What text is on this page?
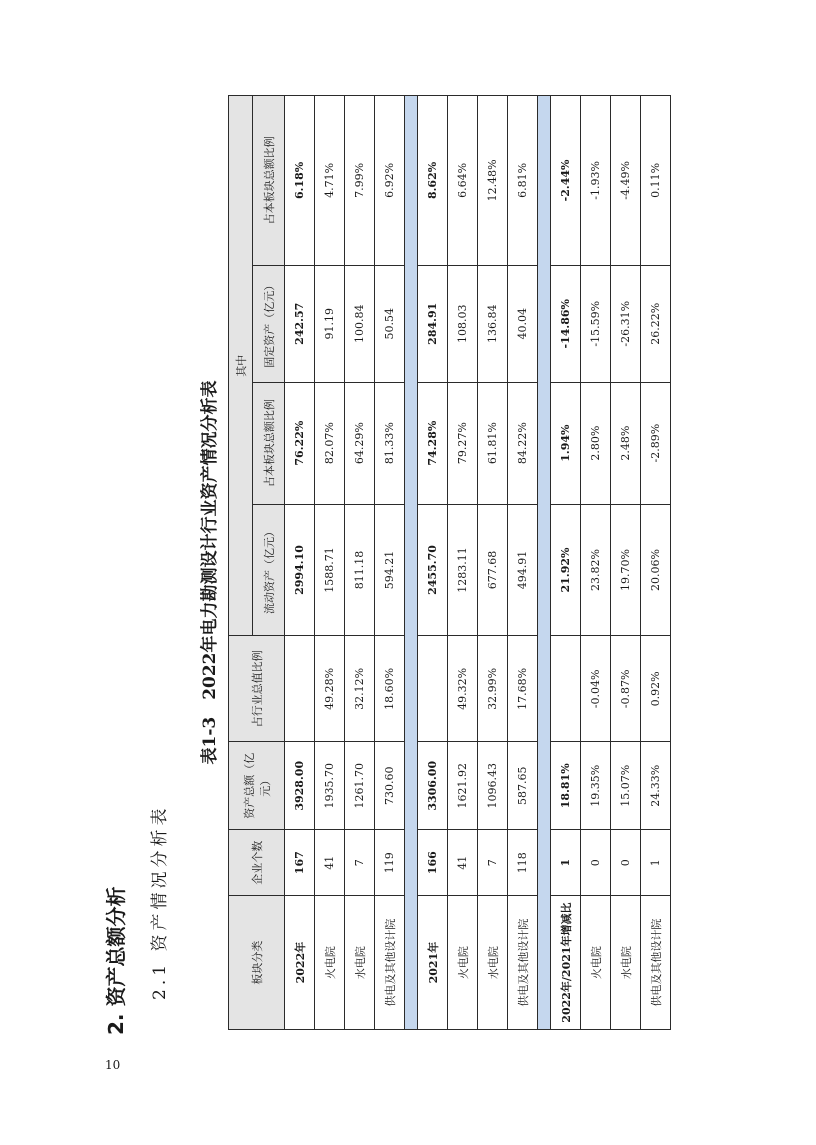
2. 资产总额分析 2.1 资产情况分析表
表1-3　2022年电力勘测设计行业资产情况分析表
板块分类	企业个数	资产总额（亿元）	占行业总值比例	其中			
				流动资产（亿元）	占本板块总额比例	固定资产（亿元）	占本板块总额比例
2022年	167	3928.00		2994.10	76.22%	242.57	6.18%
火电院	41	1935.70	49.28%	1588.71	82.07%	91.19	4.71%
水电院	7	1261.70	32.12%	811.18	64.29%	100.84	7.99%
供电及其他设计院	119	730.60	18.60%	594.21	81.33%	50.54	6.92%

2021年	166	3306.00		2455.70	74.28%	284.91	8.62%
火电院	41	1621.92	49.32%	1283.11	79.27%	108.03	6.64%
水电院	7	1096.43	32.99%	677.68	61.81%	136.84	12.48%
供电及其他设计院	118	587.65	17.68%	494.91	84.22%	40.04	6.81%

2022年/2021年增减比	1	18.81%		21.92%	1.94%	-14.86%	-2.44%
火电院	0	19.35%	-0.04%	23.82%	2.80%	-15.59%	-1.93%
水电院	0	15.07%	-0.87%	19.70%	2.48%	-26.31%	-4.49%
供电及其他设计院	1	24.33%	0.92%	20.06%	-2.89%	26.22%	0.11%
10
